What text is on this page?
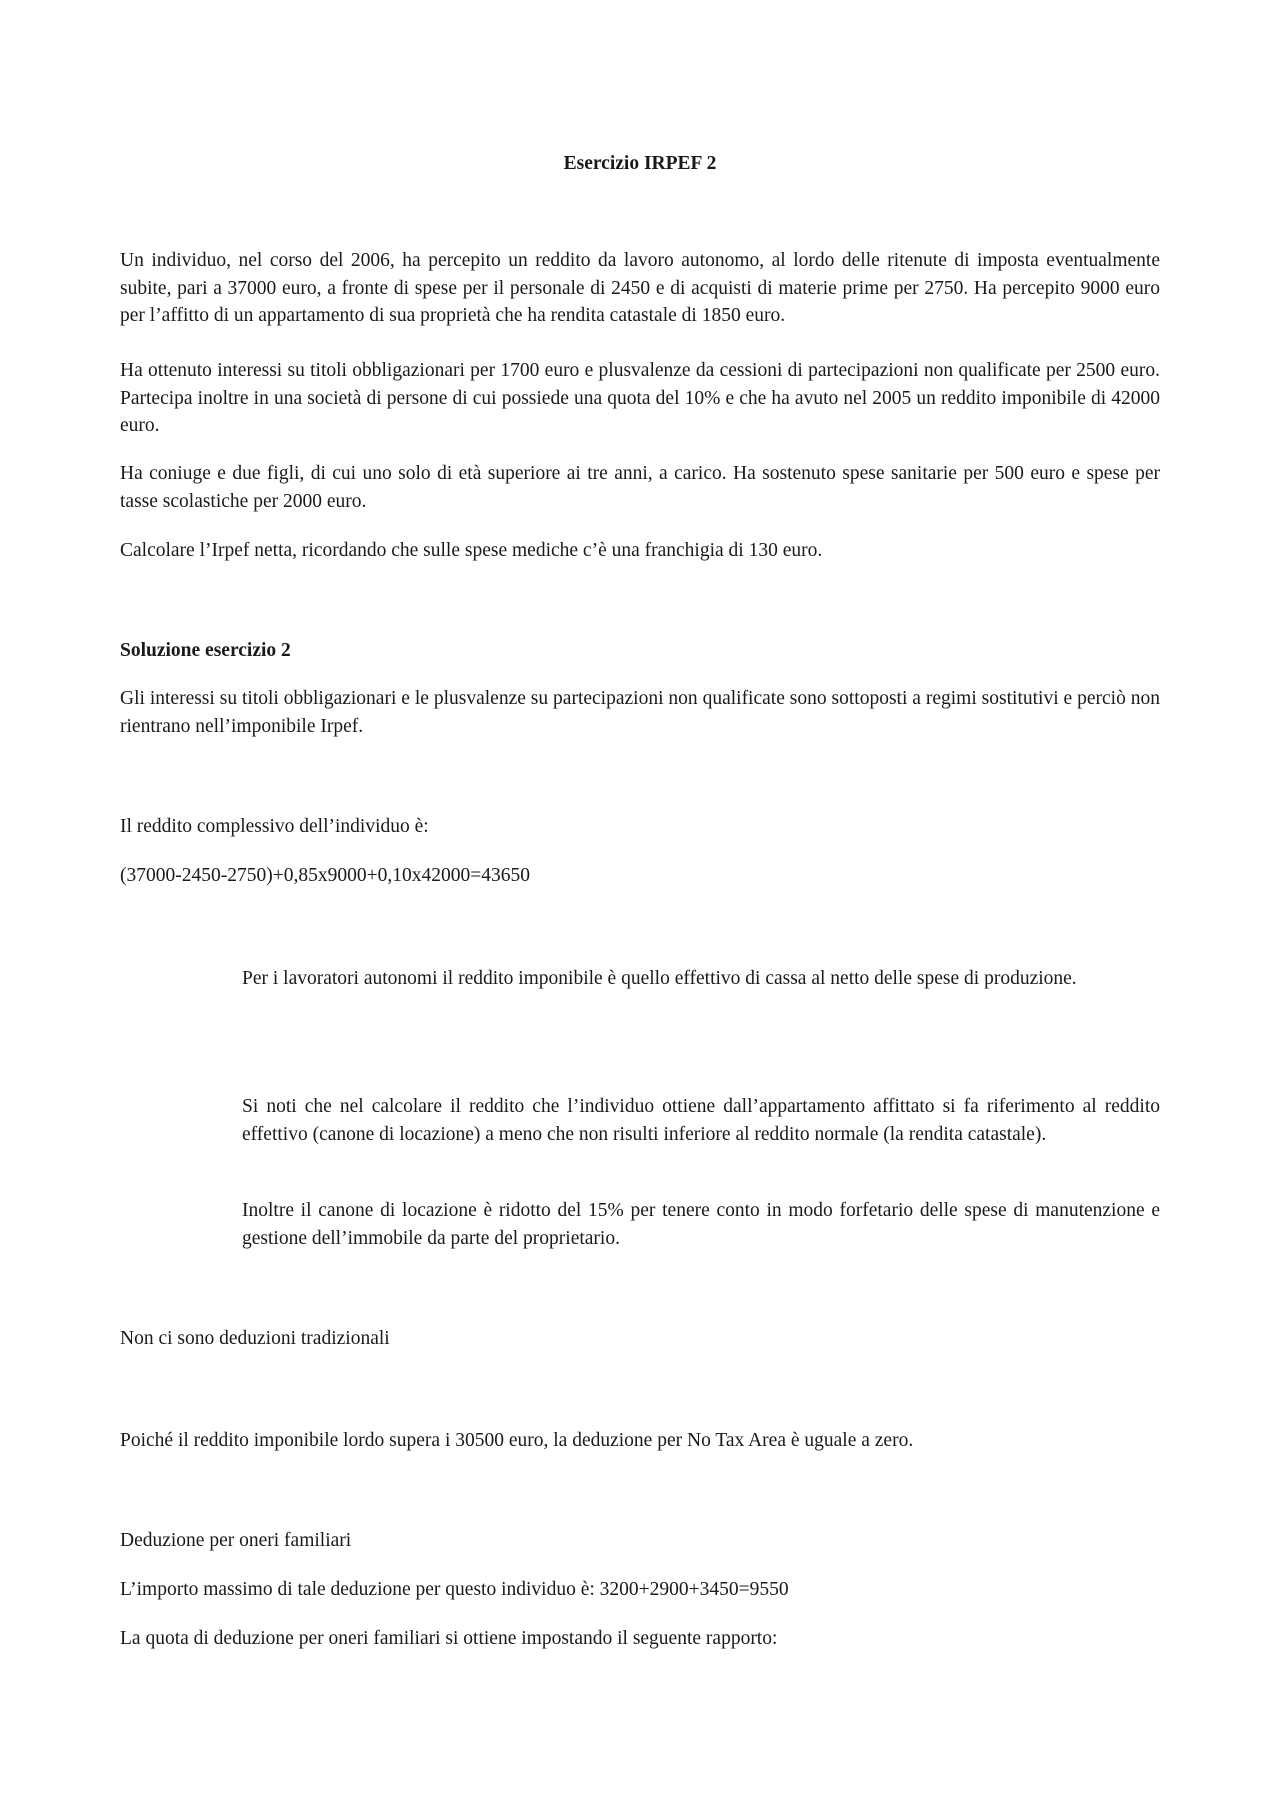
Esercizio IRPEF 2

Un individuo, nel corso del 2006, ha percepito un reddito da lavoro autonomo, al lordo delle ritenute di imposta eventualmente subite, pari a 37000 euro, a fronte di spese per il personale di 2450 e di acquisti di materie prime per 2750. Ha percepito 9000 euro per l’affitto di un appartamento di sua proprietà che ha rendita catastale di 1850 euro.

Ha ottenuto interessi su titoli obbligazionari per 1700 euro e plusvalenze da cessioni di partecipazioni non qualificate per 2500 euro. Partecipa inoltre in una società di persone di cui possiede una quota del 10% e che ha avuto nel 2005 un reddito imponibile di 42000 euro.

Ha coniuge e due figli, di cui uno solo di età superiore ai tre anni, a carico. Ha sostenuto spese sanitarie per 500 euro e spese per tasse scolastiche per 2000 euro.

Calcolare l’Irpef netta, ricordando che sulle spese mediche c’è una franchigia di 130 euro.

Soluzione esercizio 2

Gli interessi su titoli obbligazionari e le plusvalenze su partecipazioni non qualificate sono sottoposti a regimi sostitutivi e perciò non rientrano nell’imponibile Irpef.

Il reddito complessivo dell’individuo è:

(37000-2450-2750)+0,85x9000+0,10x42000=43650

Per i lavoratori autonomi il reddito imponibile è quello effettivo di cassa al netto delle spese di produzione.

Si noti che nel calcolare il reddito che l’individuo ottiene dall’appartamento affittato si fa riferimento al reddito effettivo (canone di locazione) a meno che non risulti inferiore al reddito normale (la rendita catastale).

Inoltre il canone di locazione è ridotto del 15% per tenere conto in modo forfetario delle spese di manutenzione e gestione dell’immobile da parte del proprietario.

Non ci sono deduzioni tradizionali

Poiché il reddito imponibile lordo supera i 30500 euro, la deduzione per No Tax Area è uguale a zero.

Deduzione per oneri familiari

L’importo massimo di tale deduzione per questo individuo è: 3200+2900+3450=9550

La quota di deduzione per oneri familiari si ottiene impostando il seguente rapporto:
